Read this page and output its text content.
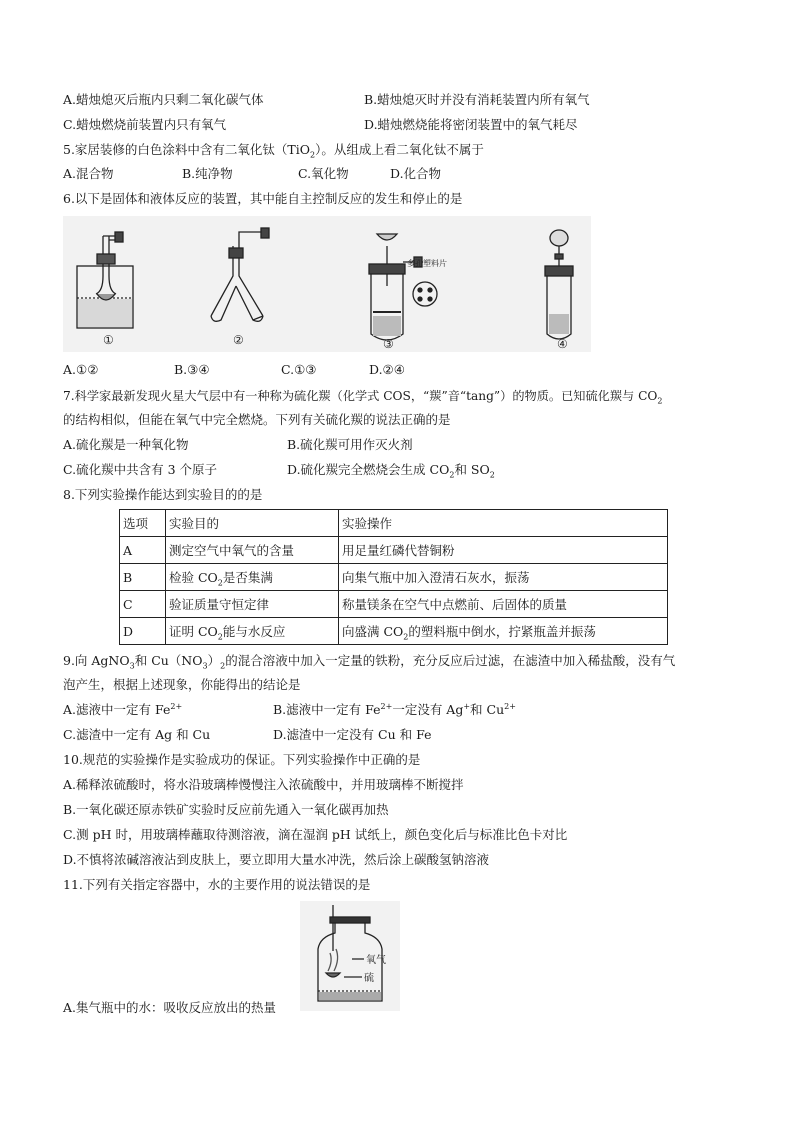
A.蜡烛熄灭后瓶内只剩二氧化碳气体	B.蜡烛熄灭时并没有消耗装置内所有氧气
C.蜡烛燃烧前装置内只有氧气	D.蜡烛燃烧能将密闭装置中的氧气耗尽
5.家居装修的白色涂料中含有二氧化钛（TiO$_2$）。从组成上看二氧化钛不属于
A.混合物	B.纯净物	C.氧化物	D.化合物
6.以下是固体和液体反应的装置，其中能自主控制反应的发生和停止的是
①	②	③	④
多孔塑料片
A.①②	B.③④	C.①③	D.②④
7.科学家最新发现火星大气层中有一种称为硫化羰（化学式 COS，“羰”音“tang”）的物质。已知硫化羰与 $CO_2$
的结构相似，但能在氧气中完全燃烧。下列有关硫化羰的说法正确的是
A.硫化羰是一种氧化物	B.硫化羰可用作灭火剂
C.硫化羰中共含有 3 个原子	D.硫化羰完全燃烧会生成 $CO_2$和 $SO_2$
8.下列实验操作能达到实验目的的是
选项	实验目的	实验操作
A	测定空气中氧气的含量	用足量红磷代替铜粉
B	检验 $CO_2$是否集满	向集气瓶中加入澄清石灰水，振荡
C	验证质量守恒定律	称量镁条在空气中点燃前、后固体的质量
D	证明 $CO_2$能与水反应	向盛满 $CO_2$的塑料瓶中倒水，拧紧瓶盖并振荡
9.向 AgNO$_3$和 $Cu(NO_3)_2$的混合溶液中加入一定量的铁粉，充分反应后过滤，在滤渣中加入稀盐酸，没有气
泡产生，根据上述现象，你能得出的结论是
A.滤液中一定有 $Fe^{2+}$	B.滤液中一定有 $Fe^{2+}$一定没有 Ag+和 $Cu^{2+}$
C.滤渣中一定有 Ag 和 Cu	D.滤渣中一定没有 Cu 和 Fe
10.规范的实验操作是实验成功的保证。下列实验操作中正确的是
A.稀释浓硫酸时，将水沿玻璃棒慢慢注入浓硫酸中，并用玻璃棒不断搅拌
B.一氧化碳还原赤铁矿实验时反应前先通入一氧化碳再加热
C.测 pH 时，用玻璃棒蘸取待测溶液，滴在湿润 pH 试纸上，颜色变化后与标准比色卡对比
D.不慎将浓碱溶液沾到皮肤上，要立即用大量水冲洗，然后涂上碳酸氢钠溶液
11.下列有关指定容器中，水的主要作用的说法错误的是
氧气
硫
A.集气瓶中的水：吸收反应放出的热量
